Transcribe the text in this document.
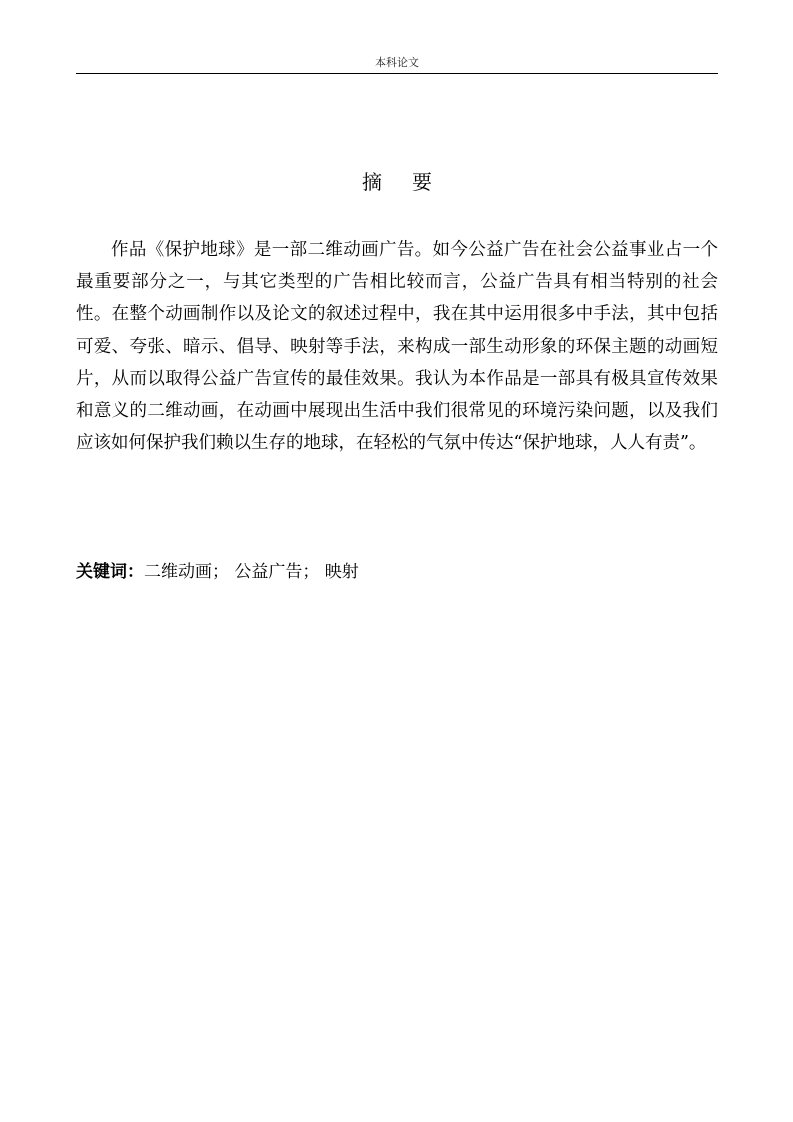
本科论文
摘要

作品《保护地球》是一部二维动画广告。如今公益广告在社会公益事业占一个最重要部分之一，与其它类型的广告相比较而言，公益广告具有相当特别的社会性。在整个动画制作以及论文的叙述过程中，我在其中运用很多中手法，其中包括可爱、夸张、暗示、倡导、映射等手法，来构成一部生动形象的环保主题的动画短片，从而以取得公益广告宣传的最佳效果。我认为本作品是一部具有极具宣传效果和意义的二维动画，在动画中展现出生活中我们很常见的环境污染问题，以及我们应该如何保护我们赖以生存的地球，在轻松的气氛中传达“保护地球，人人有责”。

关键词：二维动画； 公益广告； 映射
